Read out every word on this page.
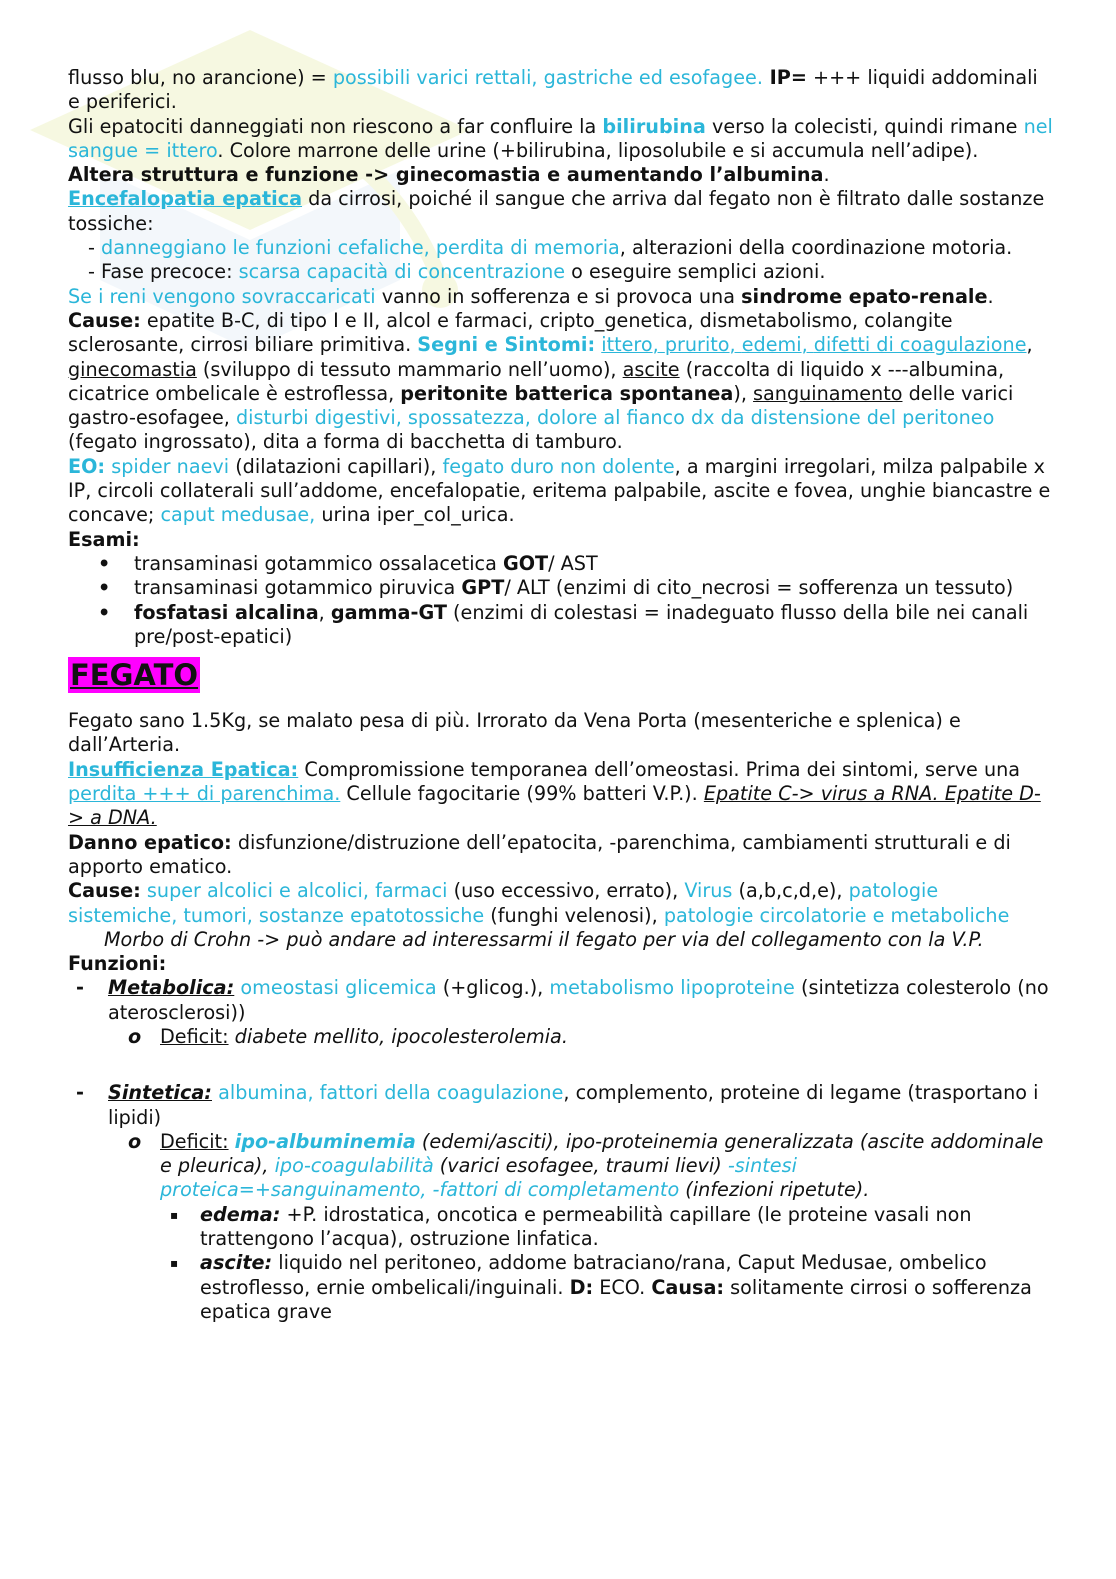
flusso blu, no arancione) = possibili varici rettali, gastriche ed esofagee. IP= +++ liquidi addominali e periferici.

Gli epatociti danneggiati non riescono a far confluire la bilirubina verso la colecisti, quindi rimane nel sangue = ittero. Colore marrone delle urine (+bilirubina, liposolubile e si accumula nell’adipe).

Altera struttura e funzione -> ginecomastia e aumentando l’albumina.

Encefalopatia epatica da cirrosi, poiché il sangue che arriva dal fegato non è filtrato dalle sostanze tossiche:

- danneggiano le funzioni cefaliche, perdita di memoria, alterazioni della coordinazione motoria.

- Fase precoce: scarsa capacità di concentrazione o eseguire semplici azioni.

Se i reni vengono sovraccaricati vanno in sofferenza e si provoca una sindrome epato-renale.

Cause: epatite B-C, di tipo I e II, alcol e farmaci, cripto_genetica, dismetabolismo, colangite sclerosante, cirrosi biliare primitiva. Segni e Sintomi: ittero, prurito, edemi, difetti di coagulazione, ginecomastia (sviluppo di tessuto mammario nell’uomo), ascite (raccolta di liquido x ---albumina, cicatrice ombelicale è estroflessa, peritonite batterica spontanea), sanguinamento delle varici gastro-esofagee, disturbi digestivi, spossatezza, dolore al fianco dx da distensione del peritoneo (fegato ingrossato), dita a forma di bacchetta di tamburo.

EO: spider naevi (dilatazioni capillari), fegato duro non dolente, a margini irregolari, milza palpabile x IP, circoli collaterali sull’addome, encefalopatie, eritema palpabile, ascite e fovea, unghie biancastre e concave; caput medusae, urina iper_col_urica.

Esami:

• transaminasi gotammico ossalacetica GOT/ AST
• transaminasi gotammico piruvica GPT/ ALT (enzimi di cito_necrosi = sofferenza un tessuto)
• fosfatasi alcalina, gamma-GT (enzimi di colestasi = inadeguato flusso della bile nei canali pre/post-epatici)
FEGATO

Fegato sano 1.5Kg, se malato pesa di più. Irrorato da Vena Porta (mesenteriche e splenica) e dall’Arteria.

Insufficienza Epatica: Compromissione temporanea dell’omeostasi. Prima dei sintomi, serve una perdita +++ di parenchima. Cellule fagocitarie (99% batteri V.P.). Epatite C-> virus a RNA. Epatite D-> a DNA.

Danno epatico: disfunzione/distruzione dell’epatocita, -parenchima, cambiamenti strutturali e di apporto ematico.

Cause: super alcolici e alcolici, farmaci (uso eccessivo, errato), Virus (a,b,c,d,e), patologie sistemiche, tumori, sostanze epatotossiche (funghi velenosi), patologie circolatorie e metaboliche

Morbo di Crohn -> può andare ad interessarmi il fegato per via del collegamento con la V.P.

Funzioni:

- Metabolica: omeostasi glicemica (+glicog.), metabolismo lipoproteine (sintetizza colesterolo (no aterosclerosi))
o Deficit: diabete mellito, ipocolesterolemia.
- Sintetica: albumina, fattori della coagulazione, complemento, proteine di legame (trasportano i lipidi)
o Deficit: ipo-albuminemia (edemi/asciti), ipo-proteinemia generalizzata (ascite addominale e pleurica), ipo-coagulabilità (varici esofagee, traumi lievi) -sintesi proteica=+sanguinamento, -fattori di completamento (infezioni ripetute).
▪ edema: +P. idrostatica, oncotica e permeabilità capillare (le proteine vasali non trattengono l’acqua), ostruzione linfatica.
▪ ascite: liquido nel peritoneo, addome batraciano/rana, Caput Medusae, ombelico estroflesso, ernie ombelicali/inguinali. D: ECO. Causa: solitamente cirrosi o sofferenza epatica grave
